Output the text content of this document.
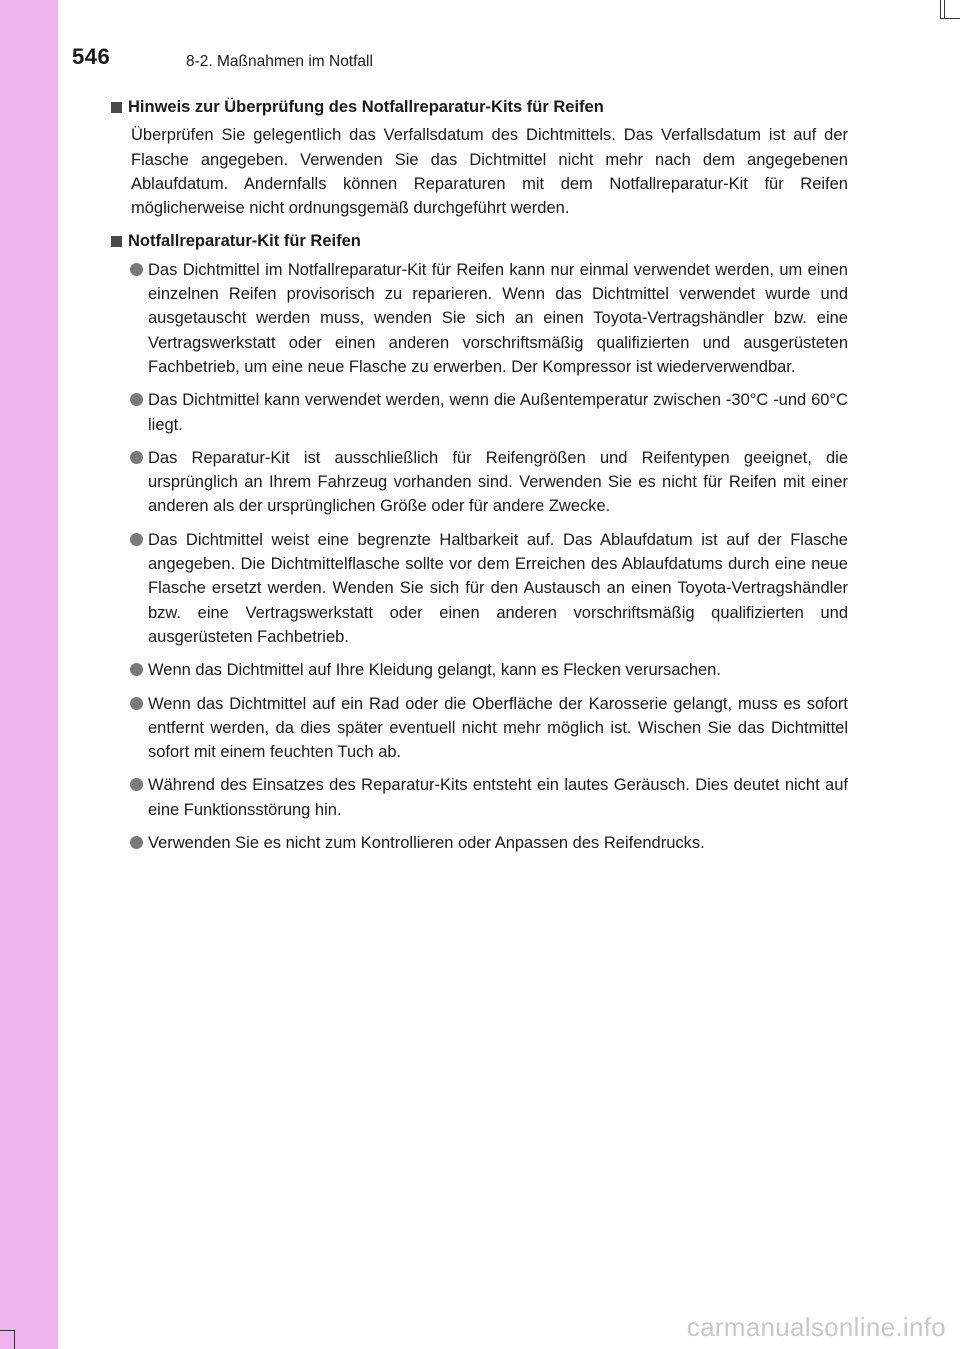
546	8-2. Maßnahmen im Notfall
Hinweis zur Überprüfung des Notfallreparatur-Kits für Reifen
Überprüfen Sie gelegentlich das Verfallsdatum des Dichtmittels. Das Verfallsdatum ist auf der Flasche angegeben. Verwenden Sie das Dichtmittel nicht mehr nach dem angegebenen Ablaufdatum. Andernfalls können Reparaturen mit dem Notfallreparatur-Kit für Reifen möglicherweise nicht ordnungsgemäß durchgeführt werden.
Notfallreparatur-Kit für Reifen
Das Dichtmittel im Notfallreparatur-Kit für Reifen kann nur einmal verwendet werden, um einen einzelnen Reifen provisorisch zu reparieren. Wenn das Dichtmittel verwendet wurde und ausgetauscht werden muss, wenden Sie sich an einen Toyota-Vertragshändler bzw. eine Vertragswerkstatt oder einen anderen vorschriftsmäßig qualifizierten und ausgerüsteten Fachbetrieb, um eine neue Flasche zu erwerben. Der Kompressor ist wiederverwendbar.
Das Dichtmittel kann verwendet werden, wenn die Außentemperatur zwischen -30°C -und 60°C liegt.
Das Reparatur-Kit ist ausschließlich für Reifengrößen und Reifentypen geeignet, die ursprünglich an Ihrem Fahrzeug vorhanden sind. Verwenden Sie es nicht für Reifen mit einer anderen als der ursprünglichen Größe oder für andere Zwecke.
Das Dichtmittel weist eine begrenzte Haltbarkeit auf. Das Ablaufdatum ist auf der Flasche angegeben. Die Dichtmittelflasche sollte vor dem Erreichen des Ablaufdatums durch eine neue Flasche ersetzt werden. Wenden Sie sich für den Austausch an einen Toyota-Vertragshändler bzw. eine Vertragswerkstatt oder einen anderen vorschriftsmäßig qualifizierten und ausgerüsteten Fachbetrieb.
Wenn das Dichtmittel auf Ihre Kleidung gelangt, kann es Flecken verursachen.
Wenn das Dichtmittel auf ein Rad oder die Oberfläche der Karosserie gelangt, muss es sofort entfernt werden, da dies später eventuell nicht mehr möglich ist. Wischen Sie das Dichtmittel sofort mit einem feuchten Tuch ab.
Während des Einsatzes des Reparatur-Kits entsteht ein lautes Geräusch. Dies deutet nicht auf eine Funktionsstörung hin.
Verwenden Sie es nicht zum Kontrollieren oder Anpassen des Reifendrucks.
carmanualsonline.info
